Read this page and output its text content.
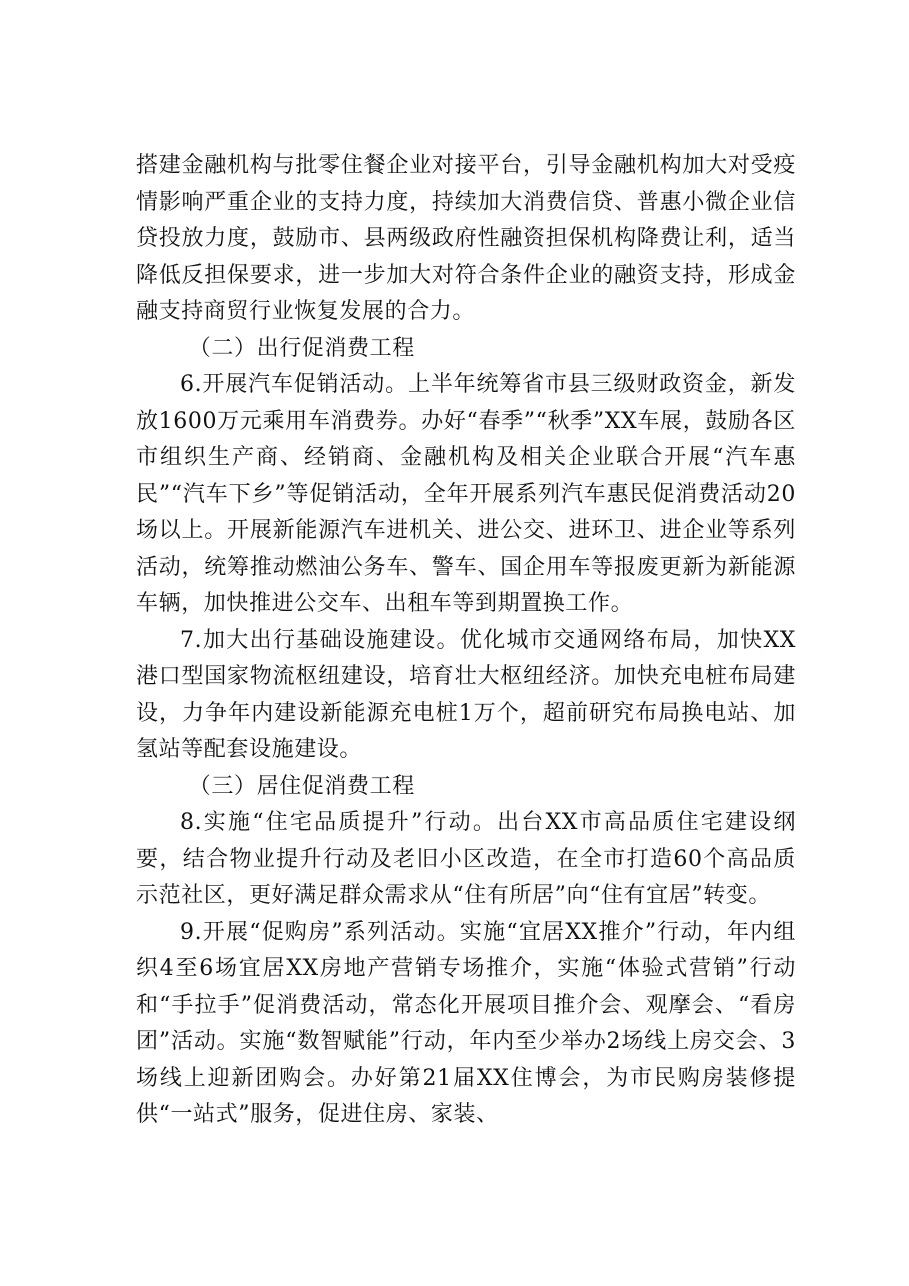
搭建金融机构与批零住餐企业对接平台，引导金融机构加大对受疫情影响严重企业的支持力度，持续加大消费信贷、普惠小微企业信贷投放力度，鼓励市、县两级政府性融资担保机构降费让利，适当降低反担保要求，进一步加大对符合条件企业的融资支持，形成金融支持商贸行业恢复发展的合力。

（二）出行促消费工程

6.开展汽车促销活动。上半年统筹省市县三级财政资金，新发放1600万元乘用车消费券。办好“春季”“秋季”XX车展，鼓励各区市组织生产商、经销商、金融机构及相关企业联合开展“汽车惠民”“汽车下乡”等促销活动，全年开展系列汽车惠民促消费活动20场以上。开展新能源汽车进机关、进公交、进环卫、进企业等系列活动，统筹推动燃油公务车、警车、国企用车等报废更新为新能源车辆，加快推进公交车、出租车等到期置换工作。

7.加大出行基础设施建设。优化城市交通网络布局，加快XX港口型国家物流枢纽建设，培育壮大枢纽经济。加快充电桩布局建设，力争年内建设新能源充电桩1万个，超前研究布局换电站、加氢站等配套设施建设。

（三）居住促消费工程

8.实施“住宅品质提升”行动。出台XX市高品质住宅建设纲要，结合物业提升行动及老旧小区改造，在全市打造60个高品质示范社区，更好满足群众需求从“住有所居”向“住有宜居”转变。

9.开展“促购房”系列活动。实施“宜居XX推介”行动，年内组织4至6场宜居XX房地产营销专场推介，实施“体验式营销”行动和“手拉手”促消费活动，常态化开展项目推介会、观摩会、“看房团”活动。实施“数智赋能”行动，年内至少举办2场线上房交会、3场线上迎新团购会。办好第21届XX住博会，为市民购房装修提供“一站式”服务，促进住房、家装、
